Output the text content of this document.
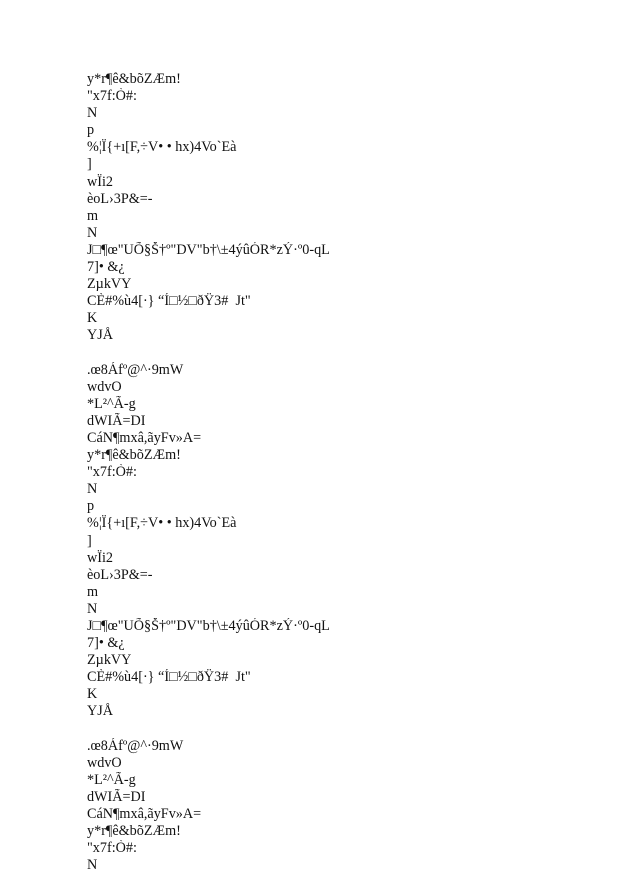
y*r¶ê&bõZÆm!
"x7f:Ò#:
N
p
%¦Ï{+ı[F,÷V• • hx)4Vo`Eà
]
wÏi2
èoL›3P&=-
m
N
J□¶œ"UÕ§Š†º"DV"b†\±4ýûÓR*zÝ·º0-qL
7]• &¿
ZµkVY
CÈ#%ù4[·} “Í□½□ðŸ3#  Jt"
K
YJÅ
.œ8Áfº@^·9mW
wdvO
*L²^Ã-g
dWIÃ=DI
CáN¶mxâ,ãyFv»A=
y*r¶ê&bõZÆm!
"x7f:Ò#:
N
p
%¦Ï{+ı[F,÷V• • hx)4Vo`Eà
]
wÏi2
èoL›3P&=-
m
N
J□¶œ"UÕ§Š†º"DV"b†\±4ýûÓR*zÝ·º0-qL
7]• &¿
ZµkVY
CÈ#%ù4[·} “Í□½□ðŸ3#  Jt"
K
YJÅ
.œ8Áfº@^·9mW
wdvO
*L²^Ã-g
dWIÃ=DI
CáN¶mxâ,ãyFv»A=
y*r¶ê&bõZÆm!
"x7f:Ò#:
N
